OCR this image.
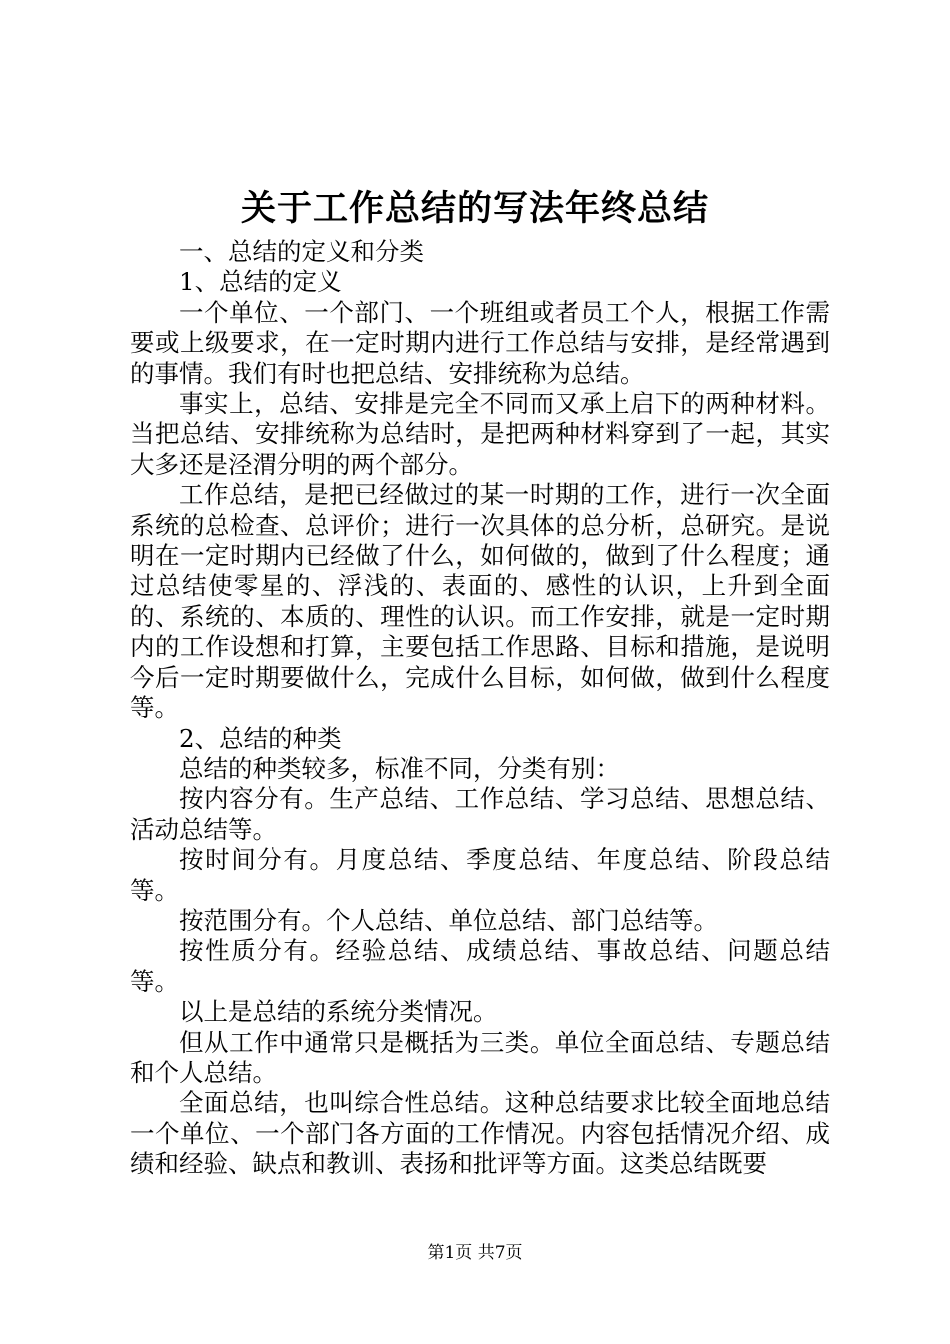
关于工作总结的写法年终总结

一、总结的定义和分类

1、总结的定义

一个单位、一个部门、一个班组或者员工个人，根据工作需要或上级要求，在一定时期内进行工作总结与安排，是经常遇到的事情。我们有时也把总结、安排统称为总结。

事实上，总结、安排是完全不同而又承上启下的两种材料。当把总结、安排统称为总结时，是把两种材料穿到了一起，其实大多还是泾渭分明的两个部分。

工作总结，是把已经做过的某一时期的工作，进行一次全面系统的总检查、总评价；进行一次具体的总分析，总研究。是说明在一定时期内已经做了什么，如何做的，做到了什么程度；通过总结使零星的、浮浅的、表面的、感性的认识，上升到全面的、系统的、本质的、理性的认识。而工作安排，就是一定时期内的工作设想和打算，主要包括工作思路、目标和措施，是说明今后一定时期要做什么，完成什么目标，如何做，做到什么程度等。

2、总结的种类

总结的种类较多，标准不同，分类有别：

按内容分有。生产总结、工作总结、学习总结、思想总结、活动总结等。

按时间分有。月度总结、季度总结、年度总结、阶段总结等。

按范围分有。个人总结、单位总结、部门总结等。

按性质分有。经验总结、成绩总结、事故总结、问题总结等。

以上是总结的系统分类情况。

但从工作中通常只是概括为三类。单位全面总结、专题总结和个人总结。

全面总结，也叫综合性总结。这种总结要求比较全面地总结一个单位、一个部门各方面的工作情况。内容包括情况介绍、成绩和经验、缺点和教训、表扬和批评等方面。这类总结既要

第1页 共7页
